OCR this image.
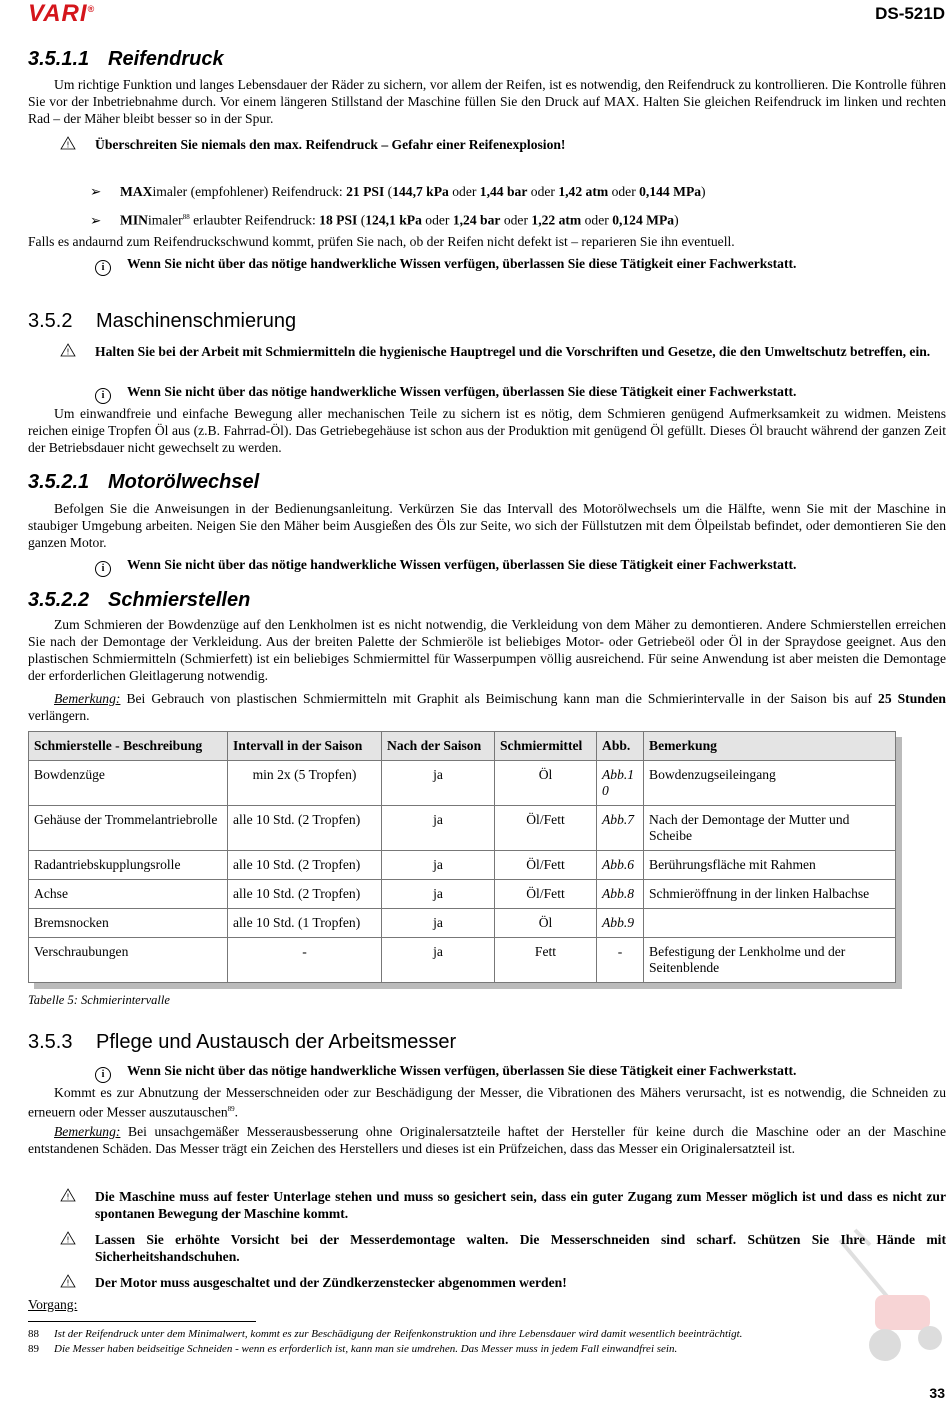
VARI®	DS-521D
3.5.1.1 Reifendruck
Um richtige Funktion und langes Lebensdauer der Räder zu sichern, vor allem der Reifen, ist es notwendig, den Reifendruck zu kontrollieren. Die Kontrolle führen Sie vor der Inbetriebnahme durch. Vor einem längeren Stillstand der Maschine füllen Sie den Druck auf MAX. Halten Sie gleichen Reifendruck im linken und rechten Rad – der Mäher bleibt besser so in der Spur.
! Überschreiten Sie niemals den max. Reifendruck – Gefahr einer Reifenexplosion!
➢ MAXimaler (empfohlener) Reifendruck: 21 PSI (144,7 kPa oder 1,44 bar oder 1,42 atm oder 0,144 MPa)
➢ MINimaler$^{88}$ erlaubter Reifendruck: 18 PSI (124,1 kPa oder 1,24 bar oder 1,22 atm oder 0,124 MPa)
Falls es andaurnd zum Reifendruckschwund kommt, prüfen Sie nach, ob der Reifen nicht defekt ist – reparieren Sie ihn eventuell.
i Wenn Sie nicht über das nötige handwerkliche Wissen verfügen, überlassen Sie diese Tätigkeit einer Fachwerkstatt.
3.5.2 Maschinenschmierung
! Halten Sie bei der Arbeit mit Schmiermitteln die hygienische Hauptregel und die Vorschriften und Gesetze, die den Umweltschutz betreffen, ein.
i Wenn Sie nicht über das nötige handwerkliche Wissen verfügen, überlassen Sie diese Tätigkeit einer Fachwerkstatt.
Um einwandfreie und einfache Bewegung aller mechanischen Teile zu sichern ist es nötig, dem Schmieren genügend Aufmerksamkeit zu widmen. Meistens reichen einige Tropfen Öl aus (z.B. Fahrrad-Öl). Das Getriebegehäuse ist schon aus der Produktion mit genügend Öl gefüllt. Dieses Öl braucht während der ganzen Zeit der Betriebsdauer nicht gewechselt zu werden.
3.5.2.1 Motorölwechsel
Befolgen Sie die Anweisungen in der Bedienungsanleitung. Verkürzen Sie das Intervall des Motorölwechsels um die Hälfte, wenn Sie mit der Maschine in staubiger Umgebung arbeiten. Neigen Sie den Mäher beim Ausgießen des Öls zur Seite, wo sich der Füllstutzen mit dem Ölpeilstab befindet, oder demontieren Sie den ganzen Motor.
i Wenn Sie nicht über das nötige handwerkliche Wissen verfügen, überlassen Sie diese Tätigkeit einer Fachwerkstatt.
3.5.2.2 Schmierstellen
Zum Schmieren der Bowdenzüge auf den Lenkholmen ist es nicht notwendig, die Verkleidung von dem Mäher zu demontieren. Andere Schmierstellen erreichen Sie nach der Demontage der Verkleidung. Aus der breiten Palette der Schmieröle ist beliebiges Motor- oder Getriebeöl oder Öl in der Spraydose geeignet. Aus den plastischen Schmiermitteln (Schmierfett) ist ein beliebiges Schmiermittel für Wasserpumpen völlig ausreichend. Für seine Anwendung ist aber meisten die Demontage der erforderlichen Gleitlagerung notwendig.
Bemerkung: Bei Gebrauch von plastischen Schmiermitteln mit Graphit als Beimischung kann man die Schmierintervalle in der Saison bis auf 25 Stunden verlängern.
Schmierstelle - Beschreibung	Intervall in der Saison	Nach der Saison	Schmiermittel	Abb.	Bemerkung
Bowdenzüge	min 2x (5 Tropfen)	ja	Öl	Abb.10	Bowdenzugseileingang
Gehäuse der Trommelantriebrolle	alle 10 Std. (2 Tropfen)	ja	Öl/Fett	Abb.7	Nach der Demontage der Mutter und Scheibe
Radantriebskupplungsrolle	alle 10 Std. (2 Tropfen)	ja	Öl/Fett	Abb.6	Berührungsfläche mit Rahmen
Achse	alle 10 Std. (2 Tropfen)	ja	Öl/Fett	Abb.8	Schmieröffnung in der linken Halbachse
Bremsnocken	alle 10 Std. (1 Tropfen)	ja	Öl	Abb.9	
Verschraubungen	-	ja	Fett	-	Befestigung der Lenkholme und der Seitenblende
Tabelle 5: Schmierintervalle
3.5.3 Pflege und Austausch der Arbeitsmesser
i Wenn Sie nicht über das nötige handwerkliche Wissen verfügen, überlassen Sie diese Tätigkeit einer Fachwerkstatt.
Kommt es zur Abnutzung der Messerschneiden oder zur Beschädigung der Messer, die Vibrationen des Mähers verursacht, ist es notwendig, die Schneiden zu erneuern oder Messer auszutauschen$^{89}$.
Bemerkung: Bei unsachgemäßer Messerausbesserung ohne Originalersatzteile haftet der Hersteller für keine durch die Maschine oder an der Maschine entstandenen Schäden. Das Messer trägt ein Zeichen des Herstellers und dieses ist ein Prüfzeichen, dass das Messer ein Originalersatzteil ist.
! Die Maschine muss auf fester Unterlage stehen und muss so gesichert sein, dass ein guter Zugang zum Messer möglich ist und dass es nicht zur spontanen Bewegung der Maschine kommt.
! Lassen Sie erhöhte Vorsicht bei der Messerdemontage walten. Die Messerschneiden sind scharf. Schützen Sie Ihre Hände mit Sicherheitshandschuhen.
! Der Motor muss ausgeschaltet und der Zündkerzenstecker abgenommen werden!
Vorgang:
88 Ist der Reifendruck unter dem Minimalwert, kommt es zur Beschädigung der Reifenkonstruktion und ihre Lebensdauer wird damit wesentlich beeinträchtigt.
89 Die Messer haben beidseitige Schneiden - wenn es erforderlich ist, kann man sie umdrehen. Das Messer muss in jedem Fall einwandfrei sein.
33
